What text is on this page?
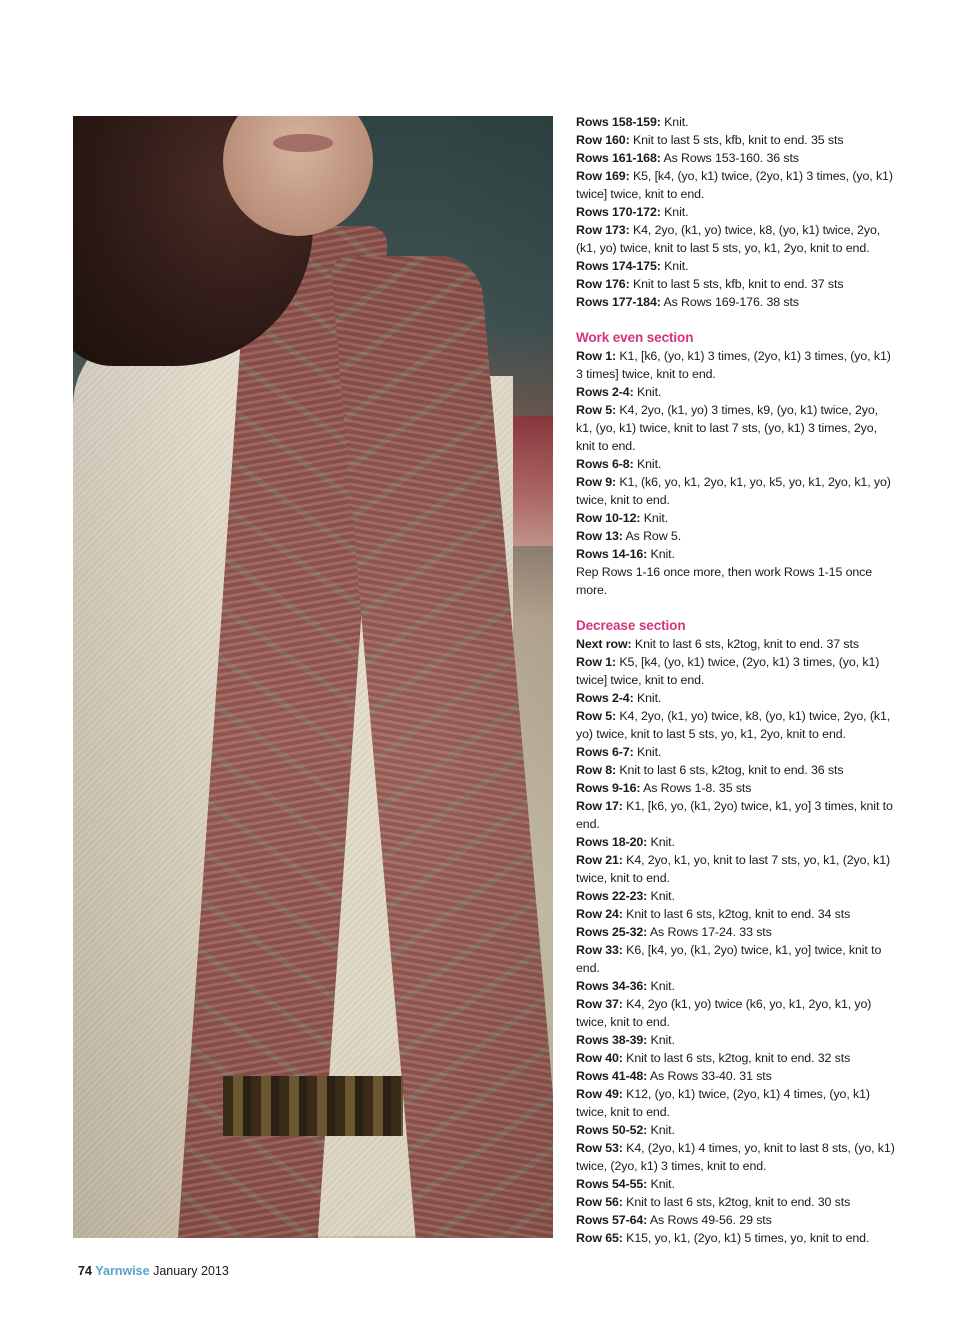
Rows 158-159: Knit.

Row 160: Knit to last 5 sts, kfb, knit to end. 35 sts

Rows 161-168: As Rows 153-160. 36 sts

Row 169: K5, [k4, (yo, k1) twice, (2yo, k1) 3 times, (yo, k1) twice] twice, knit to end.

Rows 170-172: Knit.

Row 173: K4, 2yo, (k1, yo) twice, k8, (yo, k1) twice, 2yo, (k1, yo) twice, knit to last 5 sts, yo, k1, 2yo, knit to end.

Rows 174-175: Knit.

Row 176: Knit to last 5 sts, kfb, knit to end. 37 sts

Rows 177-184: As Rows 169-176. 38 sts

Work even section

Row 1: K1, [k6, (yo, k1) 3 times, (2yo, k1) 3 times, (yo, k1) 3 times] twice, knit to end.

Rows 2-4: Knit.

Row 5: K4, 2yo, (k1, yo) 3 times, k9, (yo, k1) twice, 2yo, k1, (yo, k1) twice, knit to last 7 sts, (yo, k1) 3 times, 2yo, knit to end.

Rows 6-8: Knit.

Row 9: K1, (k6, yo, k1, 2yo, k1, yo, k5, yo, k1, 2yo, k1, yo) twice, knit to end.

Row 10-12: Knit.

Row 13: As Row 5.

Rows 14-16: Knit.

Rep Rows 1-16 once more, then work Rows 1-15 once more.

Decrease section

Next row: Knit to last 6 sts, k2tog, knit to end. 37 sts

Row 1: K5, [k4, (yo, k1) twice, (2yo, k1) 3 times, (yo, k1) twice] twice, knit to end.

Rows 2-4: Knit.

Row 5: K4, 2yo, (k1, yo) twice, k8, (yo, k1) twice, 2yo, (k1, yo) twice, knit to last 5 sts, yo, k1, 2yo, knit to end.

Rows 6-7: Knit.

Row 8: Knit to last 6 sts, k2tog, knit to end. 36 sts

Rows 9-16: As Rows 1-8. 35 sts

Row 17: K1, [k6, yo, (k1, 2yo) twice, k1, yo] 3 times, knit to end.

Rows 18-20: Knit.

Row 21: K4, 2yo, k1, yo, knit to last 7 sts, yo, k1, (2yo, k1) twice, knit to end.

Rows 22-23: Knit.

Row 24: Knit to last 6 sts, k2tog, knit to end. 34 sts

Rows 25-32: As Rows 17-24. 33 sts

Row 33: K6, [k4, yo, (k1, 2yo) twice, k1, yo] twice, knit to end.

Rows 34-36: Knit.

Row 37: K4, 2yo (k1, yo) twice (k6, yo, k1, 2yo, k1, yo) twice, knit to end.

Rows 38-39: Knit.

Row 40: Knit to last 6 sts, k2tog, knit to end. 32 sts

Rows 41-48: As Rows 33-40. 31 sts

Row 49: K12, (yo, k1) twice, (2yo, k1) 4 times, (yo, k1) twice, knit to end.

Rows 50-52: Knit.

Row 53: K4, (2yo, k1) 4 times, yo, knit to last 8 sts, (yo, k1) twice, (2yo, k1) 3 times, knit to end.

Rows 54-55: Knit.

Row 56: Knit to last 6 sts, k2tog, knit to end. 30 sts

Rows 57-64: As Rows 49-56. 29 sts

Row 65: K15, yo, k1, (2yo, k1) 5 times, yo, knit to end.

74 Yarnwise January 2013
